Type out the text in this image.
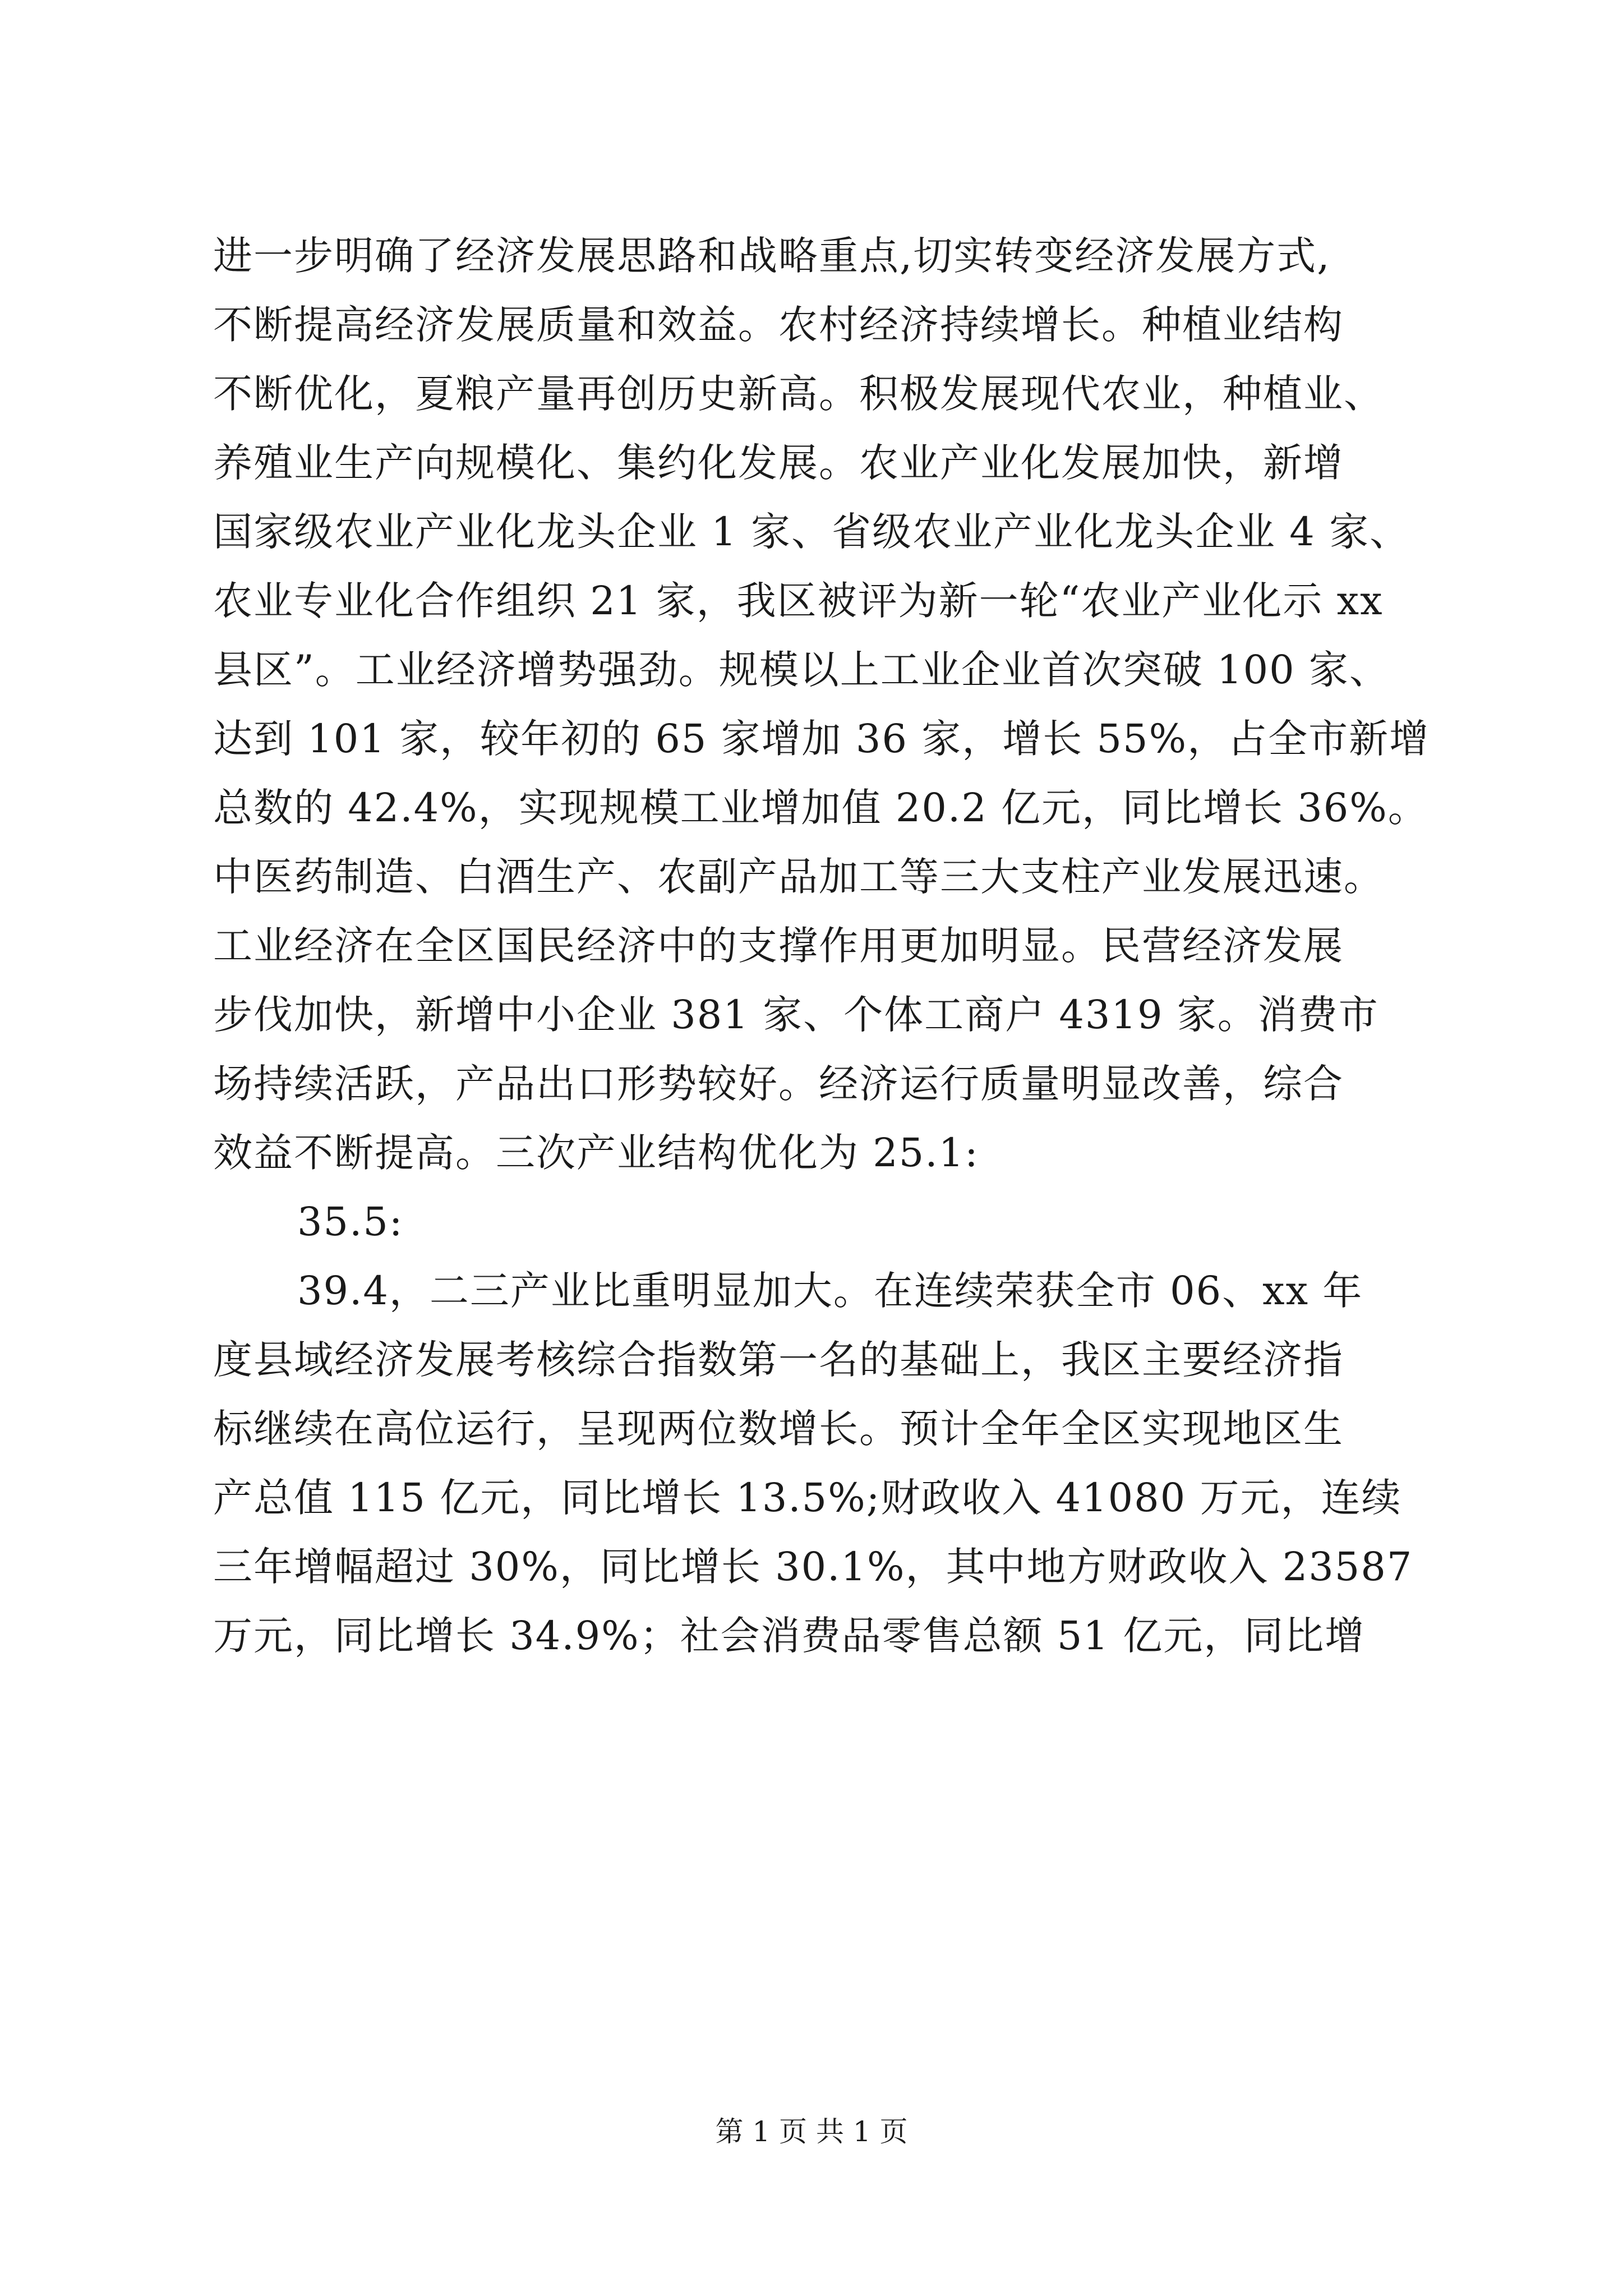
进一步明确了经济发展思路和战略重点,切实转变经济发展方式,
不断提高经济发展质量和效益。农村经济持续增长。种植业结构
不断优化，夏粮产量再创历史新高。积极发展现代农业，种植业、
养殖业生产向规模化、集约化发展。农业产业化发展加快，新增
国家级农业产业化龙头企业 1 家、省级农业产业化龙头企业 4 家、
农业专业化合作组织 21 家，我区被评为新一轮“农业产业化示 xx
县区”。工业经济增势强劲。规模以上工业企业首次突破 100 家、
达到 101 家，较年初的 65 家增加 36 家，增长 55%，占全市新增
总数的 42.4%，实现规模工业增加值 20.2 亿元，同比增长 36%。
中医药制造、白酒生产、农副产品加工等三大支柱产业发展迅速。
工业经济在全区国民经济中的支撑作用更加明显。民营经济发展
步伐加快，新增中小企业 381 家、个体工商户 4319 家。消费市
场持续活跃，产品出口形势较好。经济运行质量明显改善，综合
效益不断提高。三次产业结构优化为 25.1:
35.5:
39.4，二三产业比重明显加大。在连续荣获全市 06、xx 年
度县域经济发展考核综合指数第一名的基础上，我区主要经济指
标继续在高位运行，呈现两位数增长。预计全年全区实现地区生
产总值 115 亿元，同比增长 13.5%;财政收入 41080 万元，连续
三年增幅超过 30%，同比增长 30.1%，其中地方财政收入 23587
万元，同比增长 34.9%；社会消费品零售总额 51 亿元，同比增
第 1 页 共 1 页
